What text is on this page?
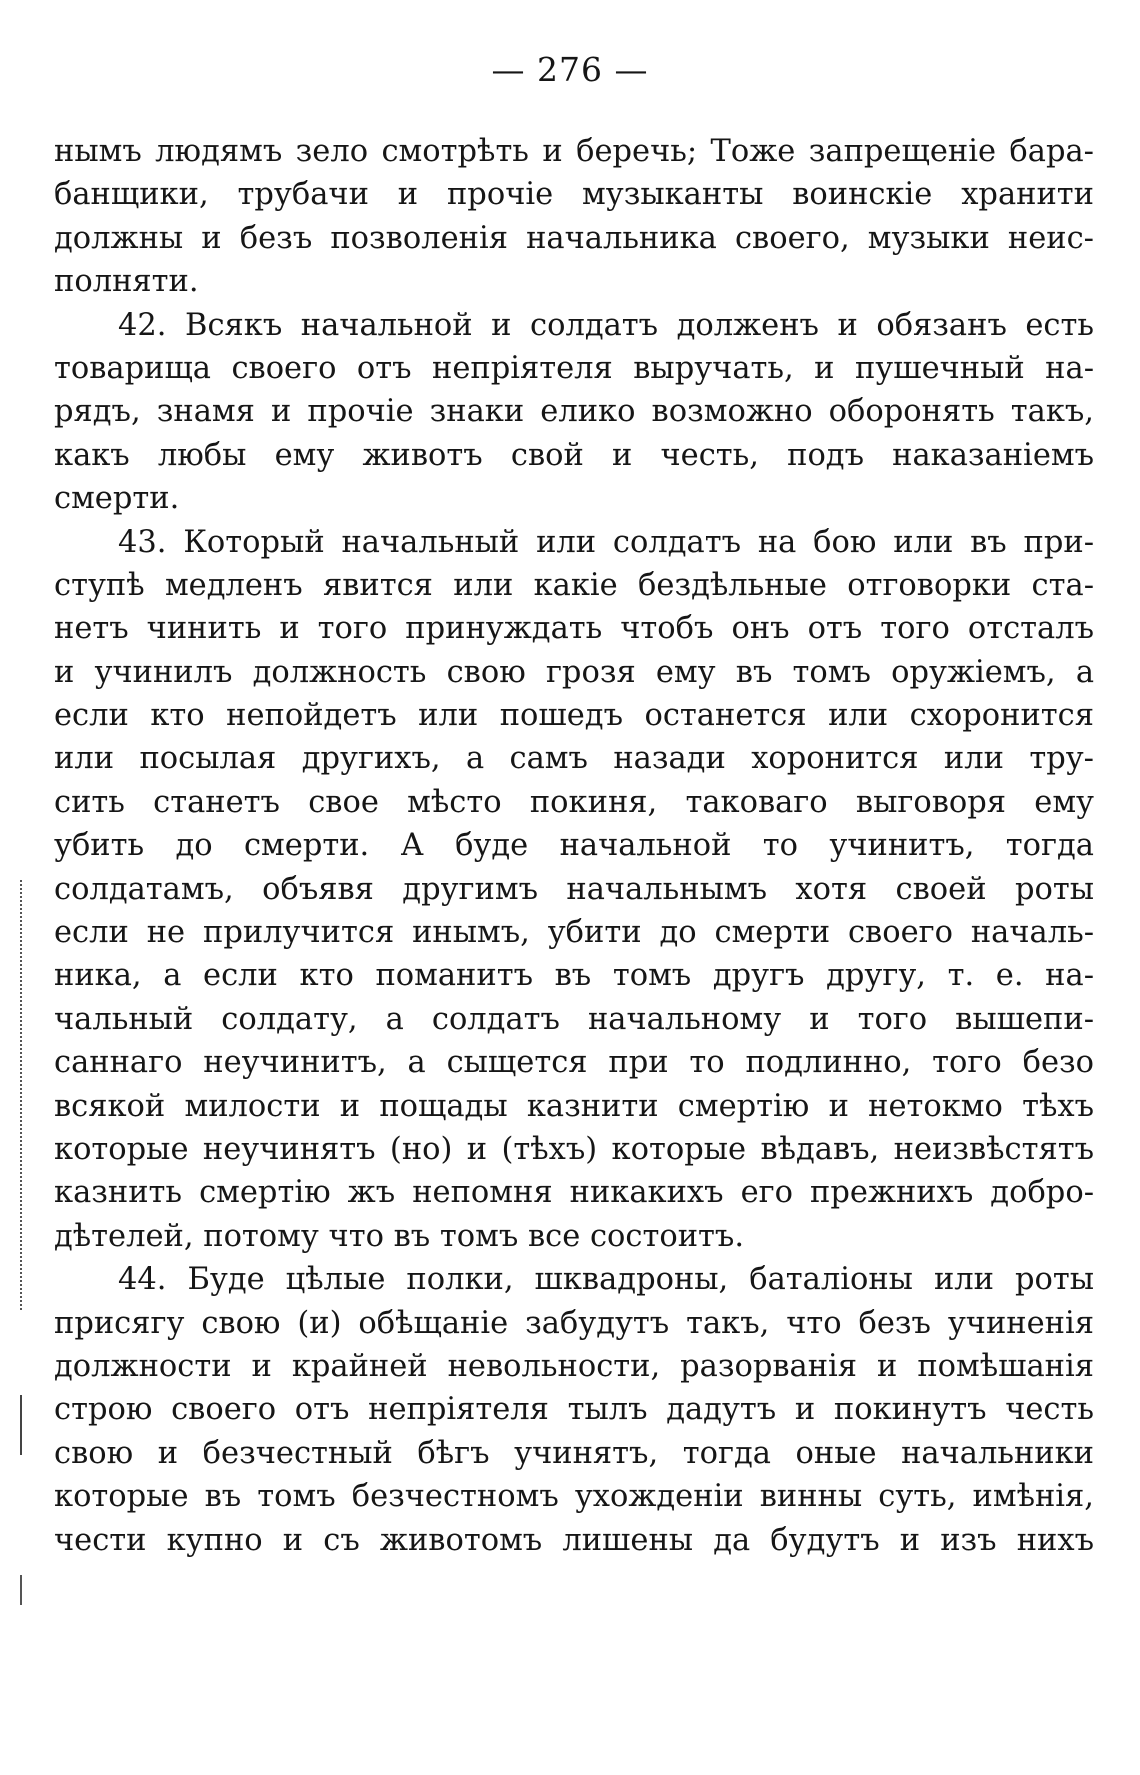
— 276 —
нымъ людямъ зело смотрѣть и беречь; Тоже запрещеніе бара-
банщики, трубачи и прочіе музыканты воинскіе хранити
должны и безъ позволенія начальника своего, музыки неис-
полняти.
42. Всякъ начальной и солдатъ долженъ и обязанъ есть
товарища своего отъ непріятеля выручать, и пушечный на-
рядъ, знамя и прочіе знаки елико возможно оборонять такъ,
какъ любы ему животъ свой и честь, подъ наказаніемъ
смерти.
43. Который начальный или солдатъ на бою или въ при-
ступѣ медленъ явится или какіе бездѣльные отговорки ста-
нетъ чинить и того принуждать чтобъ онъ отъ того отсталъ
и учинилъ должность свою грозя ему въ томъ оружіемъ, а
если кто непойдетъ или пошедъ останется или схоронится
или посылая другихъ, а самъ назади хоронится или тру-
сить станетъ свое мѣсто покиня, таковаго выговоря ему
убить до смерти. А буде начальной то учинитъ, тогда
солдатамъ, объявя другимъ начальнымъ хотя своей роты
если не прилучится инымъ, убити до смерти своего началь-
ника, а если кто поманитъ въ томъ другъ другу, т. е. на-
чальный солдату, а солдатъ начальному и того вышепи-
саннаго неучинитъ, а сыщется при то подлинно, того безо
всякой милости и пощады казнити смертію и нетокмо тѣхъ
которые неучинятъ (но) и (тѣхъ) которые вѣдавъ, неизвѣстятъ
казнить смертію жъ непомня никакихъ его прежнихъ добро-
дѣтелей, потому что въ томъ все состоитъ.
44. Буде цѣлые полки, шквадроны, баталіоны или роты
присягу свою (и) обѣщаніе забудутъ такъ, что безъ учиненія
должности и крайней невольности, разорванія и помѣшанія
строю своего отъ непріятеля тылъ дадутъ и покинутъ честь
свою и безчестный бѣгъ учинятъ, тогда оные начальники
которые въ томъ безчестномъ ухожденіи винны суть, имѣнія,
чести купно и съ животомъ лишены да будутъ и изъ нихъ
